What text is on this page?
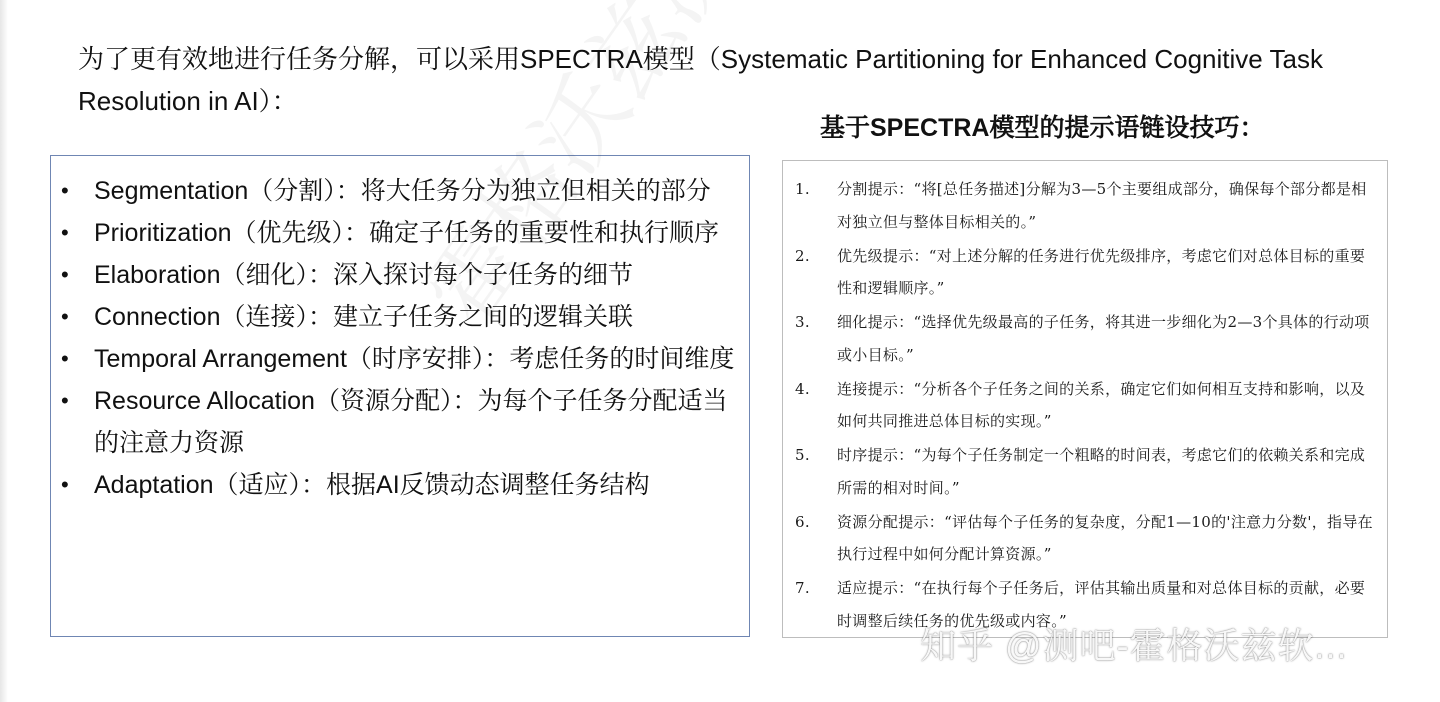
为了更有效地进行任务分解，可以采用SPECTRA模型（Systematic Partitioning for Enhanced Cognitive Task Resolution in AI）：
• Segmentation（分割）：将大任务分为独立但相关的部分
• Prioritization（优先级）：确定子任务的重要性和执行顺序
• Elaboration（细化）：深入探讨每个子任务的细节
• Connection（连接）：建立子任务之间的逻辑关联
• Temporal Arrangement（时序安排）：考虑任务的时间维度
• Resource Allocation（资源分配）：为每个子任务分配适当的注意力资源
• Adaptation（适应）：根据AI反馈动态调整任务结构
基于SPECTRA模型的提示语链设技巧：
1. 分割提示：“将[总任务描述]分解为3—5个主要组成部分，确保每个部分都是相对独立但与整体目标相关的。”
2. 优先级提示：“对上述分解的任务进行优先级排序，考虑它们对总体目标的重要性和逻辑顺序。”
3. 细化提示：“选择优先级最高的子任务，将其进一步细化为2—3个具体的行动项或小目标。”
4. 连接提示：“分析各个子任务之间的关系，确定它们如何相互支持和影响，以及如何共同推进总体目标的实现。”
5. 时序提示：“为每个子任务制定一个粗略的时间表，考虑它们的依赖关系和完成所需的相对时间。”
6. 资源分配提示：“评估每个子任务的复杂度，分配1—10的'注意力分数'，指导在执行过程中如何分配计算资源。”
7. 适应提示：“在执行每个子任务后，评估其输出质量和对总体目标的贡献，必要时调整后续任务的优先级或内容。”
知乎 @测吧-霍格沃兹软...
